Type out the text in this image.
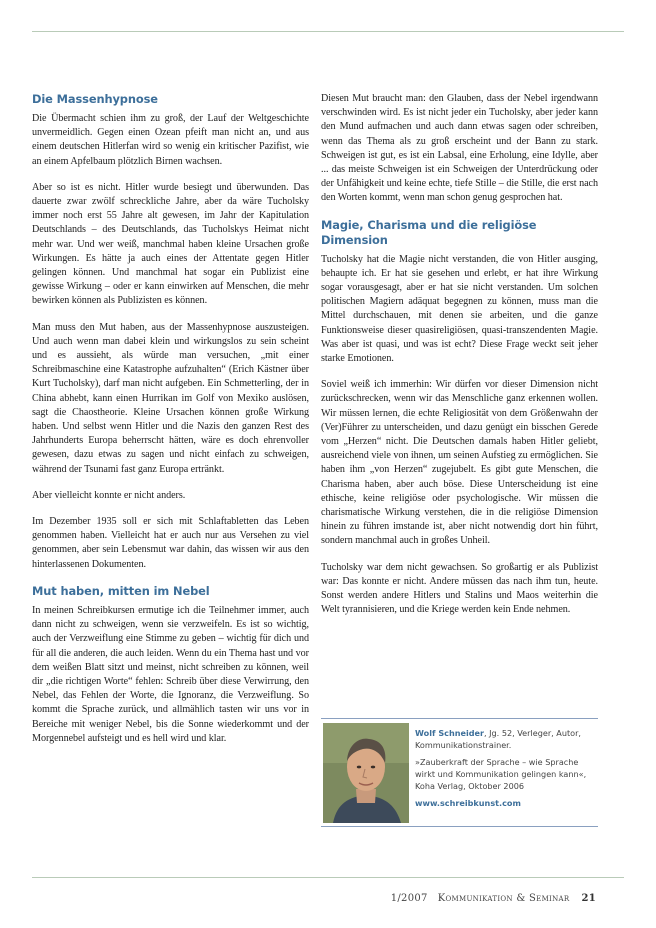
Die Massenhypnose

Die Übermacht schien ihm zu groß, der Lauf der Weltgeschichte unvermeidlich. Gegen einen Ozean pfeift man nicht an, und aus einem deutschen Hitlerfan wird so wenig ein kritischer Pazifist, wie an einem Apfelbaum plötzlich Birnen wachsen.

Aber so ist es nicht. Hitler wurde besiegt und überwunden. Das dauerte zwar zwölf schreckliche Jahre, aber da wäre Tucholsky immer noch erst 55 Jahre alt gewesen, im Jahr der Kapitulation Deutschlands – des Deutschlands, das Tucholskys Heimat nicht mehr war. Und wer weiß, manchmal haben kleine Ursachen große Wirkungen. Es hätte ja auch eines der Attentate gegen Hitler gelingen können. Und manchmal hat sogar ein Publizist eine gewisse Wirkung – oder er kann einwirken auf Menschen, die mehr bewirken können als Publizisten es können.

Man muss den Mut haben, aus der Massenhypnose auszusteigen. Und auch wenn man dabei klein und wirkungslos zu sein scheint und es aussieht, als würde man versuchen, „mit einer Schreibmaschine eine Katastrophe aufzuhalten“ (Erich Kästner über Kurt Tucholsky), darf man nicht aufgeben. Ein Schmetterling, der in China abhebt, kann einen Hurrikan im Golf von Mexiko auslösen, sagt die Chaostheorie. Kleine Ursachen können große Wirkung haben. Und selbst wenn Hitler und die Nazis den ganzen Rest des Jahrhunderts Europa beherrscht hätten, wäre es doch ehrenvoller gewesen, dazu etwas zu sagen und nicht einfach zu schweigen, während der Tsunami fast ganz Europa ertränkt.

Aber vielleicht konnte er nicht anders.

Im Dezember 1935 soll er sich mit Schlaftabletten das Leben genommen haben. Vielleicht hat er auch nur aus Versehen zu viel genommen, aber sein Lebensmut war dahin, das wissen wir aus den hinterlassenen Dokumenten.

Mut haben, mitten im Nebel

In meinen Schreibkursen ermutige ich die Teilnehmer immer, auch dann nicht zu schweigen, wenn sie verzweifeln. Es ist so wichtig, auch der Verzweiflung eine Stimme zu geben – wichtig für dich und für all die anderen, die auch leiden. Wenn du ein Thema hast und vor dem weißen Blatt sitzt und meinst, nicht schreiben zu können, weil dir „die richtigen Worte“ fehlen: Schreib über diese Verwirrung, den Nebel, das Fehlen der Worte, die Ignoranz, die Verzweiflung. So kommt die Sprache zurück, und allmählich tasten wir uns vor in Bereiche mit weniger Nebel, bis die Sonne wiederkommt und der Morgennebel aufsteigt und es hell wird und klar.

Diesen Mut braucht man: den Glauben, dass der Nebel irgendwann verschwinden wird. Es ist nicht jeder ein Tucholsky, aber jeder kann den Mund aufmachen und auch dann etwas sagen oder schreiben, wenn das Thema als zu groß erscheint und der Bann zu stark. Schweigen ist gut, es ist ein Labsal, eine Erholung, eine Idylle, aber ... das meiste Schweigen ist ein Schweigen der Unterdrückung oder der Unfähigkeit und keine echte, tiefe Stille – die Stille, die erst nach den Worten kommt, wenn man schon genug gesprochen hat.

Magie, Charisma und die religiöse Dimension

Tucholsky hat die Magie nicht verstanden, die von Hitler ausging, behaupte ich. Er hat sie gesehen und erlebt, er hat ihre Wirkung sogar vorausgesagt, aber er hat sie nicht verstanden. Um solchen politischen Magiern adäquat begegnen zu können, muss man die Mittel durchschauen, mit denen sie arbeiten, und die ganze Funktionsweise dieser quasireligiösen, quasi-transzendenten Magie. Was aber ist quasi, und was ist echt? Diese Frage weckt seit jeher starke Emotionen.

Soviel weiß ich immerhin: Wir dürfen vor dieser Dimension nicht zurückschrecken, wenn wir das Menschliche ganz erkennen wollen. Wir müssen lernen, die echte Religiosität von dem Größenwahn der (Ver)Führer zu unterscheiden, und dazu genügt ein bisschen Gerede vom „Herzen“ nicht. Die Deutschen damals haben Hitler geliebt, ausreichend viele von ihnen, um seinen Aufstieg zu ermöglichen. Sie haben ihm „von Herzen“ zugejubelt. Es gibt gute Menschen, die Charisma haben, aber auch böse. Diese Unterscheidung ist eine ethische, keine religiöse oder psychologische. Wir müssen die charismatische Wirkung verstehen, die in die religiöse Dimension hinein zu führen imstande ist, aber nicht notwendig dort hin führt, sondern manchmal auch in großes Unheil.

Tucholsky war dem nicht gewachsen. So großartig er als Publizist war: Das konnte er nicht. Andere müssen das nach ihm tun, heute. Sonst werden andere Hitlers und Stalins und Maos weiterhin die Welt tyrannisieren, und die Kriege werden kein Ende nehmen.

Wolf Schneider, Jg. 52, Verleger, Autor, Kommunikationstrainer.
»Zauberkraft der Sprache – wie Sprache wirkt und Kommunikation gelingen kann«, Koha Verlag, Oktober 2006
www.schreibkunst.com
1/2007 Kommunikation & Seminar 21
